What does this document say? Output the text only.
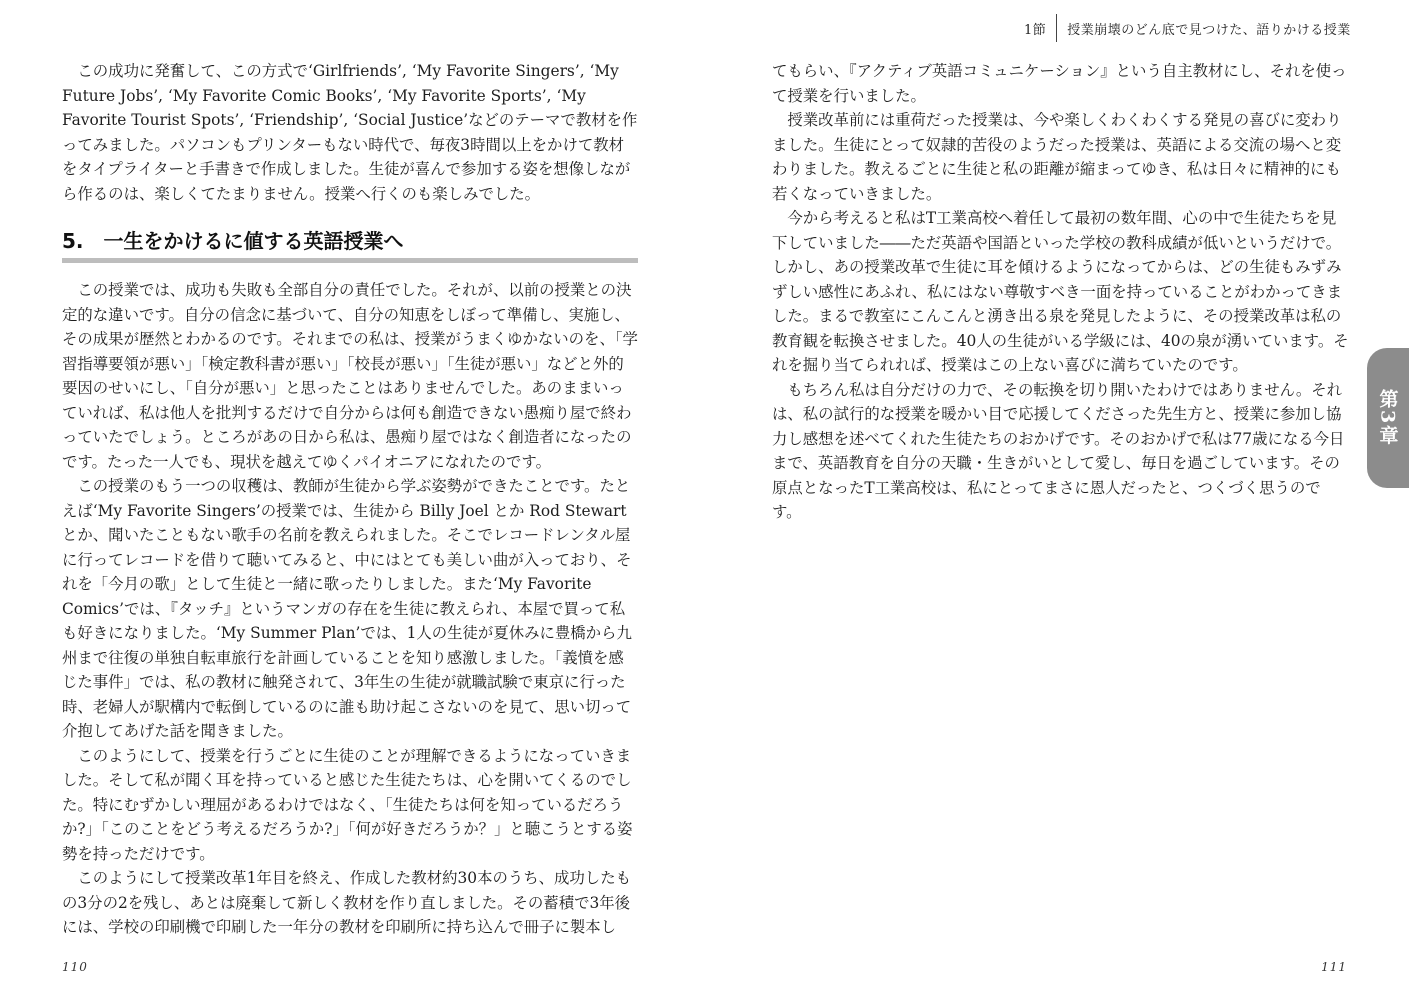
この成功に発奮して、この方式で‘Girlfriends’, ‘My Favorite Singers’, ‘My Future Jobs’, ‘My Favorite Comic Books’, ‘My Favorite Sports’, ‘My Favorite Tourist Spots’, ‘Friendship’, ‘Social Justice’などのテーマで教材を作ってみました。パソコンもプリンターもない時代で、毎夜3時間以上をかけて教材をタイプライターと手書きで作成しました。生徒が喜んで参加する姿を想像しながら作るのは、楽しくてたまりません。授業へ行くのも楽しみでした。

5.　一生をかけるに値する英語授業へ

この授業では、成功も失敗も全部自分の責任でした。それが、以前の授業との決定的な違いです。自分の信念に基づいて、自分の知恵をしぼって準備し、実施し、その成果が歴然とわかるのです。それまでの私は、授業がうまくゆかないのを、「学習指導要領が悪い」「検定教科書が悪い」「校長が悪い」「生徒が悪い」などと外的要因のせいにし、「自分が悪い」と思ったことはありませんでした。あのままいっていれば、私は他人を批判するだけで自分からは何も創造できない愚痴り屋で終わっていたでしょう。ところがあの日から私は、愚痴り屋ではなく創造者になったのです。たった一人でも、現状を越えてゆくパイオニアになれたのです。

この授業のもう一つの収穫は、教師が生徒から学ぶ姿勢ができたことです。たとえば‘My Favorite Singers’の授業では、生徒から Billy Joel とか Rod Stewart とか、聞いたこともない歌手の名前を教えられました。そこでレコードレンタル屋に行ってレコードを借りて聴いてみると、中にはとても美しい曲が入っており、それを「今月の歌」として生徒と一緒に歌ったりしました。また‘My Favorite Comics’では、『タッチ』というマンガの存在を生徒に教えられ、本屋で買って私も好きになりました。‘My Summer Plan’では、1人の生徒が夏休みに豊橋から九州まで往復の単独自転車旅行を計画していることを知り感激しました。「義憤を感じた事件」では、私の教材に触発されて、3年生の生徒が就職試験で東京に行った時、老婦人が駅構内で転倒しているのに誰も助け起こさないのを見て、思い切って介抱してあげた話を聞きました。

このようにして、授業を行うごとに生徒のことが理解できるようになっていきました。そして私が聞く耳を持っていると感じた生徒たちは、心を開いてくるのでした。特にむずかしい理屈があるわけではなく、「生徒たちは何を知っているだろうか?」「このことをどう考えるだろうか?」「何が好きだろうか？」と聴こうとする姿勢を持っただけです。

このようにして授業改革1年目を終え、作成した教材約30本のうち、成功したもの3分の2を残し、あとは廃棄して新しく教材を作り直しました。その蓄積で3年後には、学校の印刷機で印刷した一年分の教材を印刷所に持ち込んで冊子に製本し

110
1節 授業崩壊のどん底で見つけた、語りかける授業

てもらい、『アクティブ英語コミュニケーション』という自主教材にし、それを使って授業を行いました。

授業改革前には重荷だった授業は、今や楽しくわくわくする発見の喜びに変わりました。生徒にとって奴隷的苦役のようだった授業は、英語による交流の場へと変わりました。教えるごとに生徒と私の距離が縮まってゆき、私は日々に精神的にも若くなっていきました。

今から考えると私はT工業高校へ着任して最初の数年間、心の中で生徒たちを見下していました――ただ英語や国語といった学校の教科成績が低いというだけで。しかし、あの授業改革で生徒に耳を傾けるようになってからは、どの生徒もみずみずしい感性にあふれ、私にはない尊敬すべき一面を持っていることがわかってきました。まるで教室にこんこんと湧き出る泉を発見したように、その授業改革は私の教育観を転換させました。40人の生徒がいる学級には、40の泉が湧いています。それを掘り当てられれば、授業はこの上ない喜びに満ちていたのです。

もちろん私は自分だけの力で、その転換を切り開いたわけではありません。それは、私の試行的な授業を暖かい目で応援してくださった先生方と、授業に参加し協力し感想を述べてくれた生徒たちのおかげです。そのおかげで私は77歳になる今日まで、英語教育を自分の天職・生きがいとして愛し、毎日を過ごしています。その原点となったT工業高校は、私にとってまさに恩人だったと、つくづく思うのです。

第3章
111
